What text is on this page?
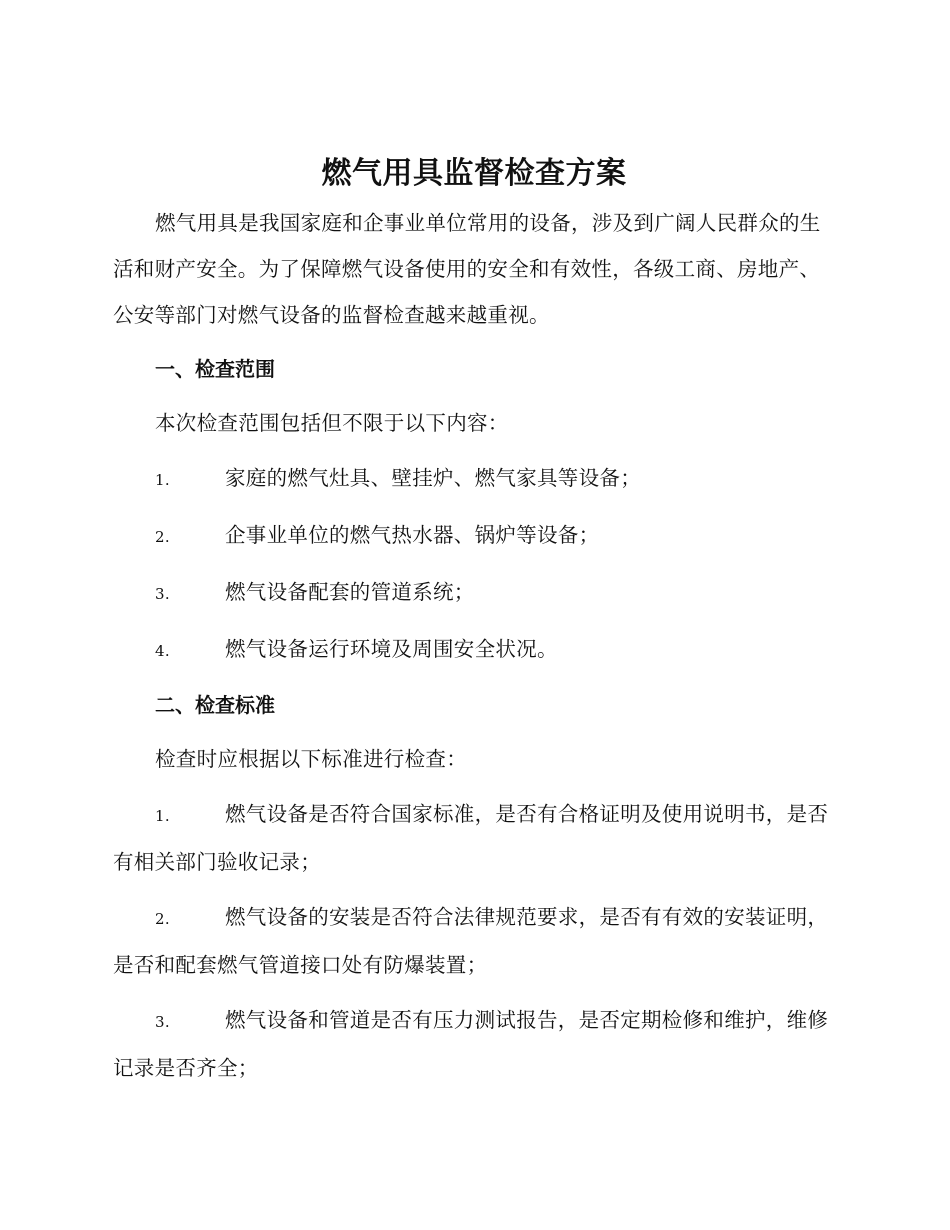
燃气用具监督检查方案

燃气用具是我国家庭和企事业单位常用的设备，涉及到广阔人民群众的生活和财产安全。为了保障燃气设备使用的安全和有效性，各级工商、房地产、公安等部门对燃气设备的监督检查越来越重视。

一、检查范围

本次检查范围包括但不限于以下内容：

1.	家庭的燃气灶具、壁挂炉、燃气家具等设备；

2.	企事业单位的燃气热水器、锅炉等设备；

3.	燃气设备配套的管道系统；

4.	燃气设备运行环境及周围安全状况。

二、检查标准

检查时应根据以下标准进行检查：

1.	燃气设备是否符合国家标准，是否有合格证明及使用说明书，是否有相关部门验收记录；

2.	燃气设备的安装是否符合法律规范要求，是否有有效的安装证明，是否和配套燃气管道接口处有防爆装置；

3.	燃气设备和管道是否有压力测试报告，是否定期检修和维护，维修记录是否齐全；
